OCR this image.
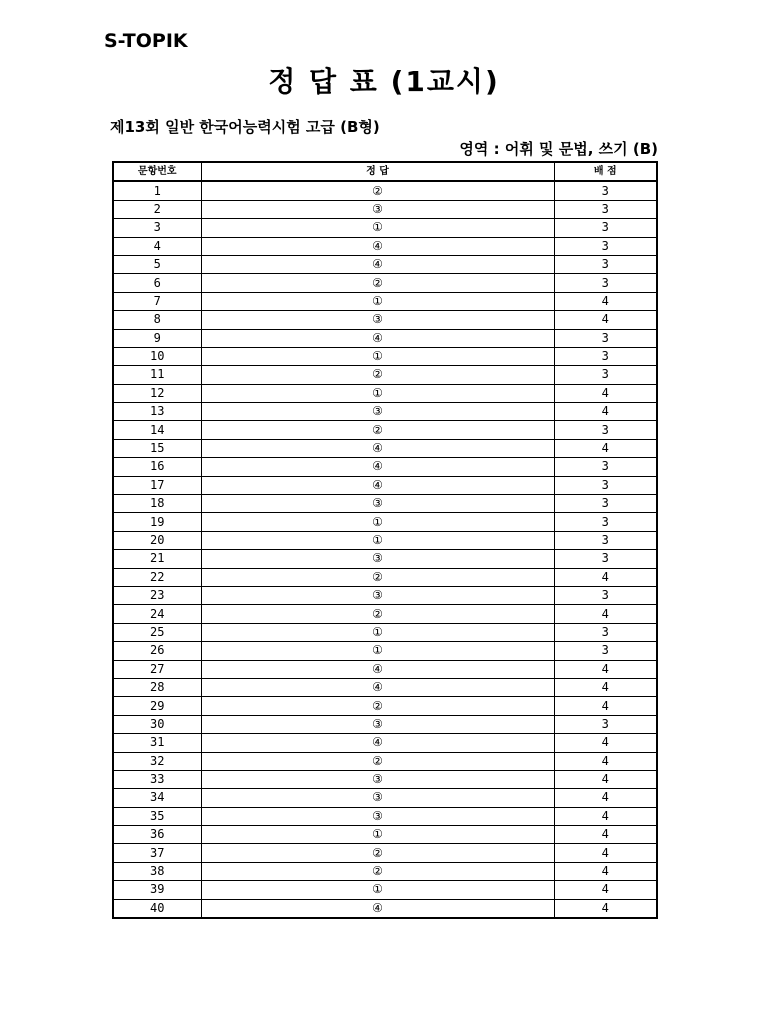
S-TOPIK
정 답 표 (1교시)
제13회 일반 한국어능력시험 고급 (B형)
영역 : 어휘 및 문법, 쓰기 (B)
문항번호	정 답	배 점
1	②	3
2	③	3
3	①	3
4	④	3
5	④	3
6	②	3
7	①	4
8	③	4
9	④	3
10	①	3
11	②	3
12	①	4
13	③	4
14	②	3
15	④	4
16	④	3
17	④	3
18	③	3
19	①	3
20	①	3
21	③	3
22	②	4
23	③	3
24	②	4
25	①	3
26	①	3
27	④	4
28	④	4
29	②	4
30	③	3
31	④	4
32	②	4
33	③	4
34	③	4
35	③	4
36	①	4
37	②	4
38	②	4
39	①	4
40	④	4
